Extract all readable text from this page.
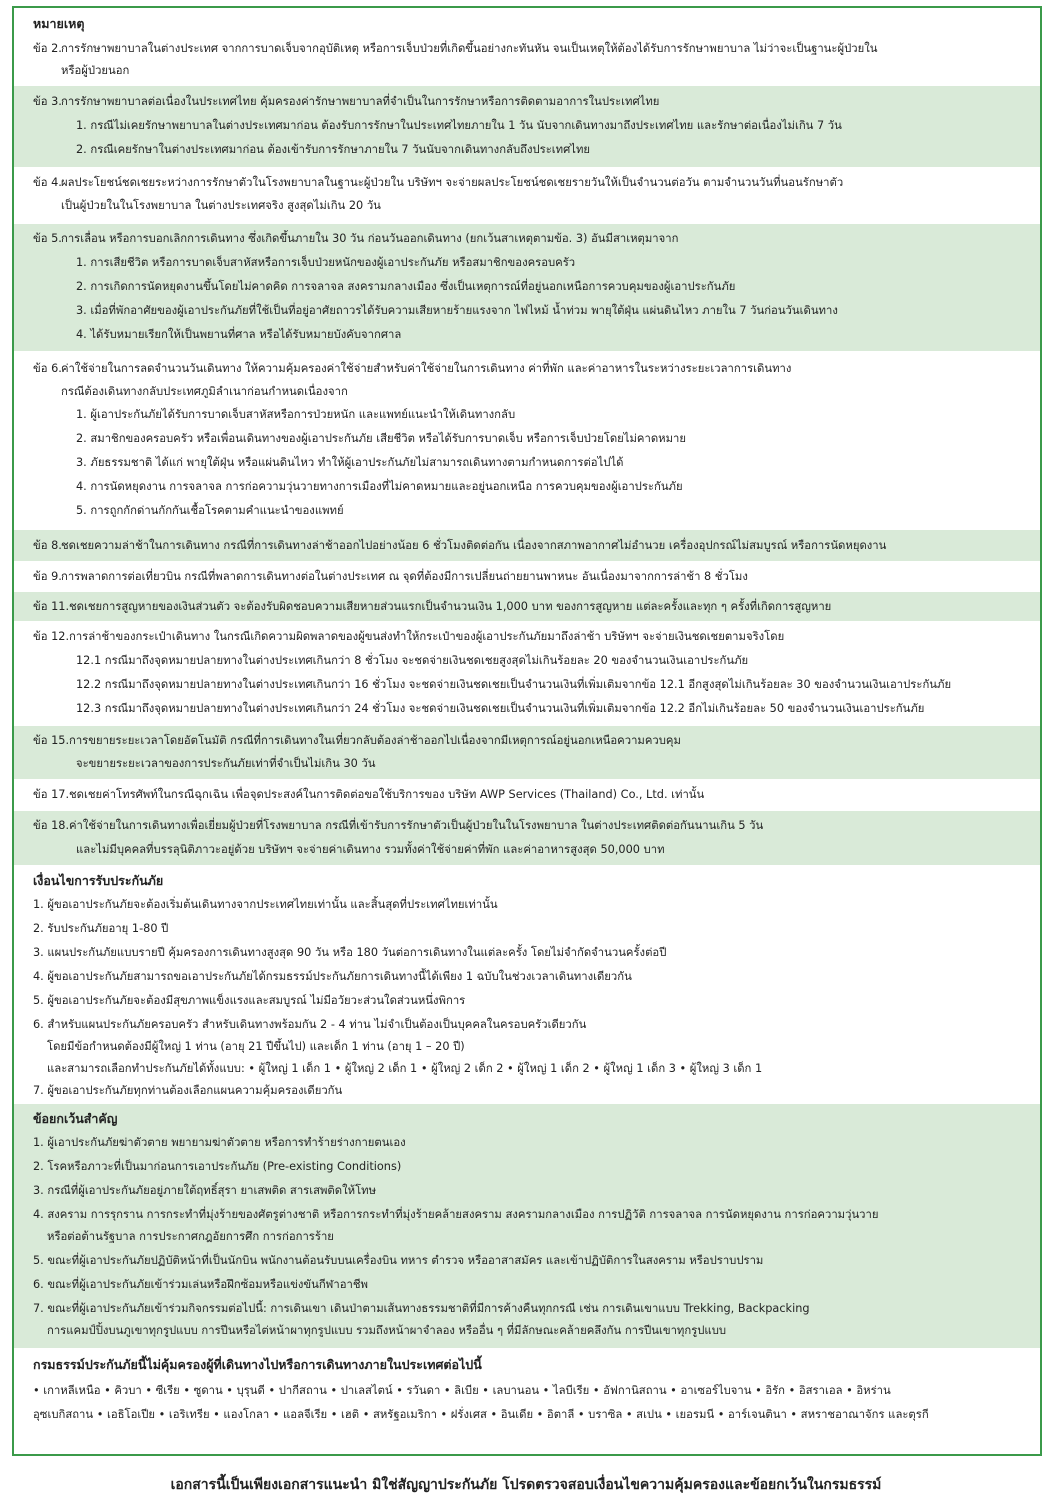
หมายเหตุ
ข้อ 2. การรักษาพยาบาลในต่างประเทศ จากการบาดเจ็บจากอุบัติเหตุ หรือการเจ็บป่วยที่เกิดขึ้นอย่างกะทันหัน จนเป็นเหตุให้ต้องได้รับการรักษาพยาบาล ไม่ว่าจะเป็นฐานะผู้ป่วยใน
หรือผู้ป่วยนอก
ข้อ 3. การรักษาพยาบาลต่อเนื่องในประเทศไทย คุ้มครองค่ารักษาพยาบาลที่จำเป็นในการรักษาหรือการติดตามอาการในประเทศไทย
1. กรณีไม่เคยรักษาพยาบาลในต่างประเทศมาก่อน ต้องรับการรักษาในประเทศไทยภายใน 1 วัน นับจากเดินทางมาถึงประเทศไทย และรักษาต่อเนื่องไม่เกิน 7 วัน
2. กรณีเคยรักษาในต่างประเทศมาก่อน ต้องเข้ารับการรักษาภายใน 7 วันนับจากเดินทางกลับถึงประเทศไทย
ข้อ 4. ผลประโยชน์ชดเชยระหว่างการรักษาตัวในโรงพยาบาลในฐานะผู้ป่วยใน บริษัทฯ จะจ่ายผลประโยชน์ชดเชยรายวันให้เป็นจำนวนต่อวัน ตามจำนวนวันที่นอนรักษาตัว
เป็นผู้ป่วยในในโรงพยาบาล ในต่างประเทศจริง สูงสุดไม่เกิน 20 วัน
ข้อ 5. การเลื่อน หรือการบอกเลิกการเดินทาง ซึ่งเกิดขึ้นภายใน 30 วัน ก่อนวันออกเดินทาง (ยกเว้นสาเหตุตามข้อ. 3) อันมีสาเหตุมาจาก
1. การเสียชีวิต หรือการบาดเจ็บสาหัสหรือการเจ็บป่วยหนักของผู้เอาประกันภัย หรือสมาชิกของครอบครัว
2. การเกิดการนัดหยุดงานขึ้นโดยไม่คาดคิด การจลาจล สงครามกลางเมือง ซึ่งเป็นเหตุการณ์ที่อยู่นอกเหนือการควบคุมของผู้เอาประกันภัย
3. เมื่อที่พักอาศัยของผู้เอาประกันภัยที่ใช้เป็นที่อยู่อาศัยถาวรได้รับความเสียหายร้ายแรงจาก ไฟไหม้ น้ำท่วม พายุใต้ฝุ่น แผ่นดินไหว ภายใน 7 วันก่อนวันเดินทาง
4. ได้รับหมายเรียกให้เป็นพยานที่ศาล หรือได้รับหมายบังคับจากศาล
ข้อ 6. ค่าใช้จ่ายในการลดจำนวนวันเดินทาง ให้ความคุ้มครองค่าใช้จ่ายสำหรับค่าใช้จ่ายในการเดินทาง ค่าที่พัก และค่าอาหารในระหว่างระยะเวลาการเดินทาง
กรณีต้องเดินทางกลับประเทศภูมิลำเนาก่อนกำหนดเนื่องจาก
1. ผู้เอาประกันภัยได้รับการบาดเจ็บสาหัสหรือการป่วยหนัก และแพทย์แนะนำให้เดินทางกลับ
2. สมาชิกของครอบครัว หรือเพื่อนเดินทางของผู้เอาประกันภัย เสียชีวิต หรือได้รับการบาดเจ็บ หรือการเจ็บป่วยโดยไม่คาดหมาย
3. ภัยธรรมชาติ ได้แก่ พายุใต้ฝุ่น หรือแผ่นดินไหว ทำให้ผู้เอาประกันภัยไม่สามารถเดินทางตามกำหนดการต่อไปได้
4. การนัดหยุดงาน การจลาจล การก่อความวุ่นวายทางการเมืองที่ไม่คาดหมายและอยู่นอกเหนือ การควบคุมของผู้เอาประกันภัย
5. การถูกกักด่านกักกันเชื้อโรคตามคำแนะนำของแพทย์
ข้อ 8. ชดเชยความล่าช้าในการเดินทาง กรณีที่การเดินทางล่าช้าออกไปอย่างน้อย 6 ชั่วโมงติดต่อกัน เนื่องจากสภาพอากาศไม่อำนวย เครื่องอุปกรณ์ไม่สมบูรณ์ หรือการนัดหยุดงาน
ข้อ 9. การพลาดการต่อเที่ยวบิน กรณีที่พลาดการเดินทางต่อในต่างประเทศ ณ จุดที่ต้องมีการเปลี่ยนถ่ายยานพาหนะ อันเนื่องมาจากการล่าช้า 8 ชั่วโมง
ข้อ 11. ชดเชยการสูญหายของเงินส่วนตัว จะต้องรับผิดชอบความเสียหายส่วนแรกเป็นจำนวนเงิน 1,000 บาท ของการสูญหาย แต่ละครั้งและทุก ๆ ครั้งที่เกิดการสูญหาย
ข้อ 12. การล่าช้าของกระเป๋าเดินทาง ในกรณีเกิดความผิดพลาดของผู้ขนส่งทำให้กระเป๋าของผู้เอาประกันภัยมาถึงล่าช้า บริษัทฯ จะจ่ายเงินชดเชยตามจริงโดย
12.1 กรณีมาถึงจุดหมายปลายทางในต่างประเทศเกินกว่า 8 ชั่วโมง จะชดจ่ายเงินชดเชยสูงสุดไม่เกินร้อยละ 20 ของจำนวนเงินเอาประกันภัย
12.2 กรณีมาถึงจุดหมายปลายทางในต่างประเทศเกินกว่า 16 ชั่วโมง จะชดจ่ายเงินชดเชยเป็นจำนวนเงินที่เพิ่มเติมจากข้อ 12.1 อีกสูงสุดไม่เกินร้อยละ 30 ของจำนวนเงินเอาประกันภัย
12.3 กรณีมาถึงจุดหมายปลายทางในต่างประเทศเกินกว่า 24 ชั่วโมง จะชดจ่ายเงินชดเชยเป็นจำนวนเงินที่เพิ่มเติมจากข้อ 12.2 อีกไม่เกินร้อยละ 50 ของจำนวนเงินเอาประกันภัย
ข้อ 15. การขยายระยะเวลาโดยอัตโนมัติ กรณีที่การเดินทางในเที่ยวกลับต้องล่าช้าออกไปเนื่องจากมีเหตุการณ์อยู่นอกเหนือความควบคุม
จะขยายระยะเวลาของการประกันภัยเท่าที่จำเป็นไม่เกิน 30 วัน
ข้อ 17. ชดเชยค่าโทรศัพท์ในกรณีฉุกเฉิน เพื่อจุดประสงค์ในการติดต่อขอใช้บริการของ บริษัท AWP Services (Thailand) Co., Ltd. เท่านั้น
ข้อ 18. ค่าใช้จ่ายในการเดินทางเพื่อเยี่ยมผู้ป่วยที่โรงพยาบาล กรณีที่เข้ารับการรักษาตัวเป็นผู้ป่วยในในโรงพยาบาล ในต่างประเทศติดต่อกันนานเกิน 5 วัน
และไม่มีบุคคลที่บรรลุนิติภาวะอยู่ด้วย บริษัทฯ จะจ่ายค่าเดินทาง รวมทั้งค่าใช้จ่ายค่าที่พัก และค่าอาหารสูงสุด 50,000 บาท
เงื่อนไขการรับประกันภัย
1. ผู้ขอเอาประกันภัยจะต้องเริ่มต้นเดินทางจากประเทศไทยเท่านั้น และสิ้นสุดที่ประเทศไทยเท่านั้น
2. รับประกันภัยอายุ 1-80 ปี
3. แผนประกันภัยแบบรายปี คุ้มครองการเดินทางสูงสุด 90 วัน หรือ 180 วันต่อการเดินทางในแต่ละครั้ง โดยไม่จำกัดจำนวนครั้งต่อปี
4. ผู้ขอเอาประกันภัยสามารถขอเอาประกันภัยได้กรมธรรม์ประกันภัยการเดินทางนี้ได้เพียง 1 ฉบับในช่วงเวลาเดินทางเดียวกัน
5. ผู้ขอเอาประกันภัยจะต้องมีสุขภาพแข็งแรงและสมบูรณ์ ไม่มีอวัยวะส่วนใดส่วนหนึ่งพิการ
6. สำหรับแผนประกันภัยครอบครัว สำหรับเดินทางพร้อมกัน 2 - 4 ท่าน ไม่จำเป็นต้องเป็นบุคคลในครอบครัวเดียวกัน
โดยมีข้อกำหนดต้องมีผู้ใหญ่ 1 ท่าน (อายุ 21 ปีขึ้นไป) และเด็ก 1 ท่าน (อายุ 1 – 20 ปี)
และสามารถเลือกทำประกันภัยได้ทั้งแบบ: • ผู้ใหญ่ 1 เด็ก 1 • ผู้ใหญ่ 2 เด็ก 1 • ผู้ใหญ่ 2 เด็ก 2 • ผู้ใหญ่ 1 เด็ก 2 • ผู้ใหญ่ 1 เด็ก 3 • ผู้ใหญ่ 3 เด็ก 1
7. ผู้ขอเอาประกันภัยทุกท่านต้องเลือกแผนความคุ้มครองเดียวกัน
ข้อยกเว้นสำคัญ
1. ผู้เอาประกันภัยฆ่าตัวตาย พยายามฆ่าตัวตาย หรือการทำร้ายร่างกายตนเอง
2. โรคหรือภาวะที่เป็นมาก่อนการเอาประกันภัย (Pre-existing Conditions)
3. กรณีที่ผู้เอาประกันภัยอยู่ภายใต้ฤทธิ์สุรา ยาเสพติด สารเสพติดให้โทษ
4. สงคราม การรุกราน การกระทำที่มุ่งร้ายของศัตรูต่างชาติ หรือการกระทำที่มุ่งร้ายคล้ายสงคราม สงครามกลางเมือง การปฏิวัติ การจลาจล การนัดหยุดงาน การก่อความวุ่นวาย
หรือต่อต้านรัฐบาล การประกาศกฎอัยการศึก การก่อการร้าย
5. ขณะที่ผู้เอาประกันภัยปฏิบัติหน้าที่เป็นนักบิน พนักงานต้อนรับบนเครื่องบิน ทหาร ตำรวจ หรืออาสาสมัคร และเข้าปฏิบัติการในสงคราม หรือปราบปราม
6. ขณะที่ผู้เอาประกันภัยเข้าร่วมเล่นหรือฝึกซ้อมหรือแข่งขันกีฬาอาชีพ
7. ขณะที่ผู้เอาประกันภัยเข้าร่วมกิจกรรมต่อไปนี้: การเดินเขา เดินป่าตามเส้นทางธรรมชาติที่มีการค้างคืนทุกกรณี เช่น การเดินเขาแบบ Trekking, Backpacking
การแคมป์ปิ้งบนภูเขาทุกรูปแบบ การปีนหรือไต่หน้าผาทุกรูปแบบ รวมถึงหน้าผาจำลอง หรืออื่น ๆ ที่มีลักษณะคล้ายคลึงกัน การปีนเขาทุกรูปแบบ
กรมธรรม์ประกันภัยนี้ไม่คุ้มครองผู้ที่เดินทางไปหรือการเดินทางภายในประเทศต่อไปนี้
• เกาหลีเหนือ • คิวบา • ซีเรีย • ซูดาน • บุรุนดี • ปากีสถาน • ปาเลสไตน์ • รวันดา • ลิเบีย • เลบานอน • ไลบีเรีย • อัฟกานิสถาน • อาเซอร์ไบจาน • อิรัก • อิสราเอล • อิหร่าน
อุซเบกิสถาน • เอธิโอเปีย • เอริเทรีย • แองโกลา • แอลจีเรีย • เฮติ • สหรัฐอเมริกา • ฝรั่งเศส • อินเดีย • อิตาลี • บราซิล • สเปน • เยอรมนี • อาร์เจนตินา • สหราชอาณาจักร และตุรกี
เอกสารนี้เป็นเพียงเอกสารแนะนำ มิใช่สัญญาประกันภัย โปรดตรวจสอบเงื่อนไขความคุ้มครองและข้อยกเว้นในกรมธรรม์
